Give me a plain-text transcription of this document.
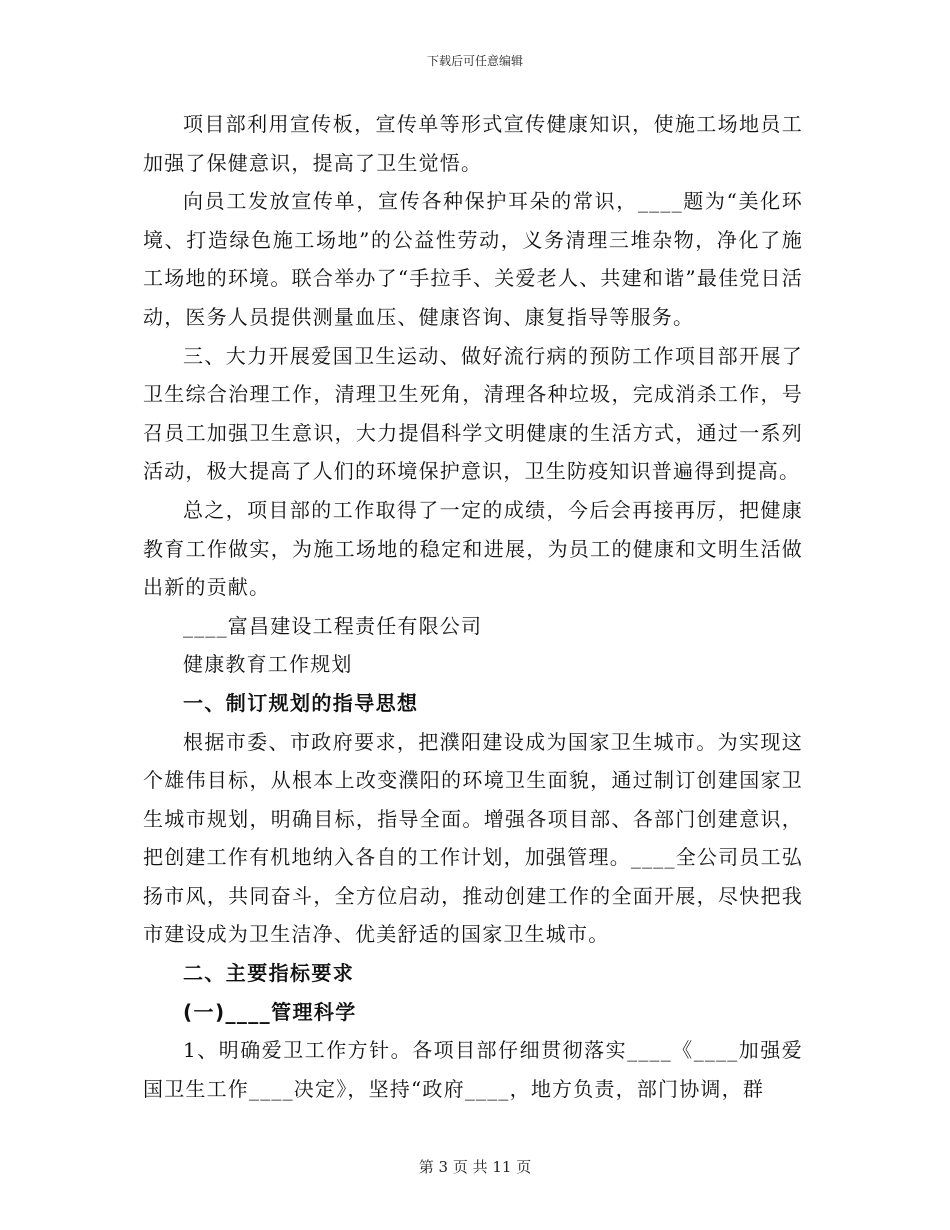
下载后可任意编辑

项目部利用宣传板，宣传单等形式宣传健康知识，使施工场地员工加强了保健意识，提高了卫生觉悟。

向员工发放宣传单，宣传各种保护耳朵的常识，____题为“美化环境、打造绿色施工场地”的公益性劳动，义务清理三堆杂物，净化了施工场地的环境。联合举办了“手拉手、关爱老人、共建和谐”最佳党日活动，医务人员提供测量血压、健康咨询、康复指导等服务。

三、大力开展爱国卫生运动、做好流行病的预防工作项目部开展了卫生综合治理工作，清理卫生死角，清理各种垃圾，完成消杀工作，号召员工加强卫生意识，大力提倡科学文明健康的生活方式，通过一系列活动，极大提高了人们的环境保护意识，卫生防疫知识普遍得到提高。

总之，项目部的工作取得了一定的成绩，今后会再接再厉，把健康教育工作做实，为施工场地的稳定和进展，为员工的健康和文明生活做出新的贡献。

____富昌建设工程责任有限公司

健康教育工作规划

一、制订规划的指导思想

根据市委、市政府要求，把濮阳建设成为国家卫生城市。为实现这个雄伟目标，从根本上改变濮阳的环境卫生面貌，通过制订创建国家卫生城市规划，明确目标，指导全面。增强各项目部、各部门创建意识，把创建工作有机地纳入各自的工作计划，加强管理。____全公司员工弘扬市风，共同奋斗，全方位启动，推动创建工作的全面开展，尽快把我市建设成为卫生洁净、优美舒适的国家卫生城市。

二、主要指标要求

(一)____管理科学

1、明确爱卫工作方针。各项目部仔细贯彻落实____《____加强爱国卫生工作____决定》，坚持“政府____，地方负责，部门协调，群

第 3 页 共 11 页
